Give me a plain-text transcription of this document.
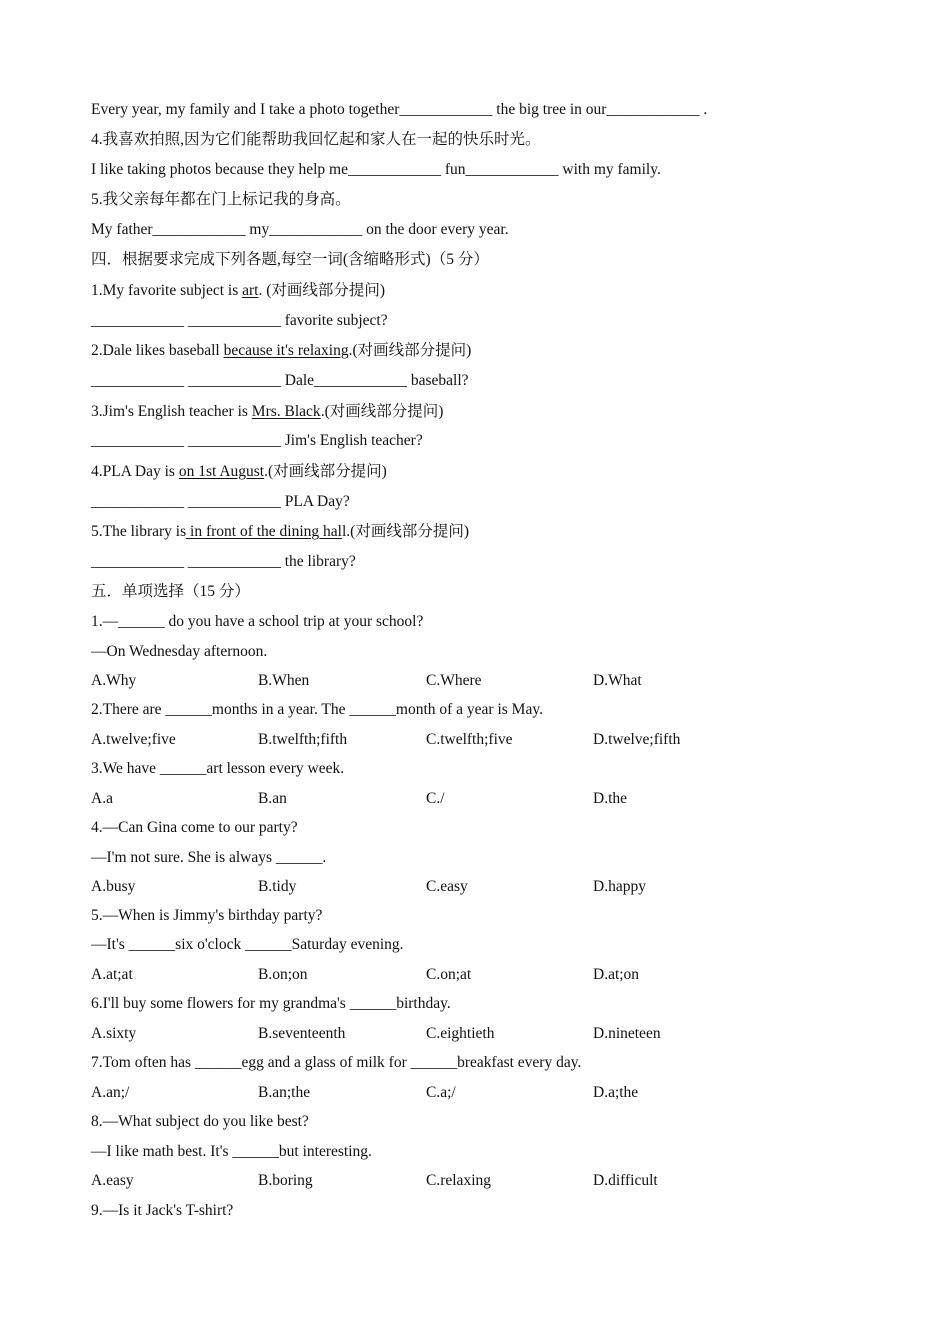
Every year, my family and I take a photo together____________ the big tree in our____________ .
4.我喜欢拍照,因为它们能帮助我回忆起和家人在一起的快乐时光。
I like taking photos because they help me____________ fun____________ with my family.
5.我父亲每年都在门上标记我的身高。
My father____________ my____________ on the door every year.
四．根据要求完成下列各题,每空一词(含缩略形式)（5 分）
1.My favorite subject is art. (对画线部分提问)
____________ ____________ favorite subject?
2.Dale likes baseball because it's relaxing.(对画线部分提问)
____________ ____________ Dale____________ baseball?
3.Jim's English teacher is Mrs. Black.(对画线部分提问)
____________ ____________ Jim's English teacher?
4.PLA Day is on 1st August.(对画线部分提问)
____________ ____________ PLA Day?
5.The library is in front of the dining hall.(对画线部分提问)
____________ ____________ the library?
五．单项选择（15 分）
1.—______ do you have a school trip at your school?
—On Wednesday afternoon.
A.Why	B.When	C.Where	D.What
2.There are ______months in a year. The ______month of a year is May.
A.twelve;five	B.twelfth;fifth	C.twelfth;five	D.twelve;fifth
3.We have ______art lesson every week.
A.a	B.an	C./	D.the
4.—Can Gina come to our party?
—I'm not sure. She is always ______.
A.busy	B.tidy	C.easy	D.happy
5.—When is Jimmy's birthday party?
—It's ______six o'clock ______Saturday evening.
A.at;at	B.on;on	C.on;at	D.at;on
6.I'll buy some flowers for my grandma's ______birthday.
A.sixty	B.seventeenth	C.eightieth	D.nineteen
7.Tom often has ______egg and a glass of milk for ______breakfast every day.
A.an;/	B.an;the	C.a;/	D.a;the
8.—What subject do you like best?
—I like math best. It's ______but interesting.
A.easy	B.boring	C.relaxing	D.difficult
9.—Is it Jack's T-shirt?
